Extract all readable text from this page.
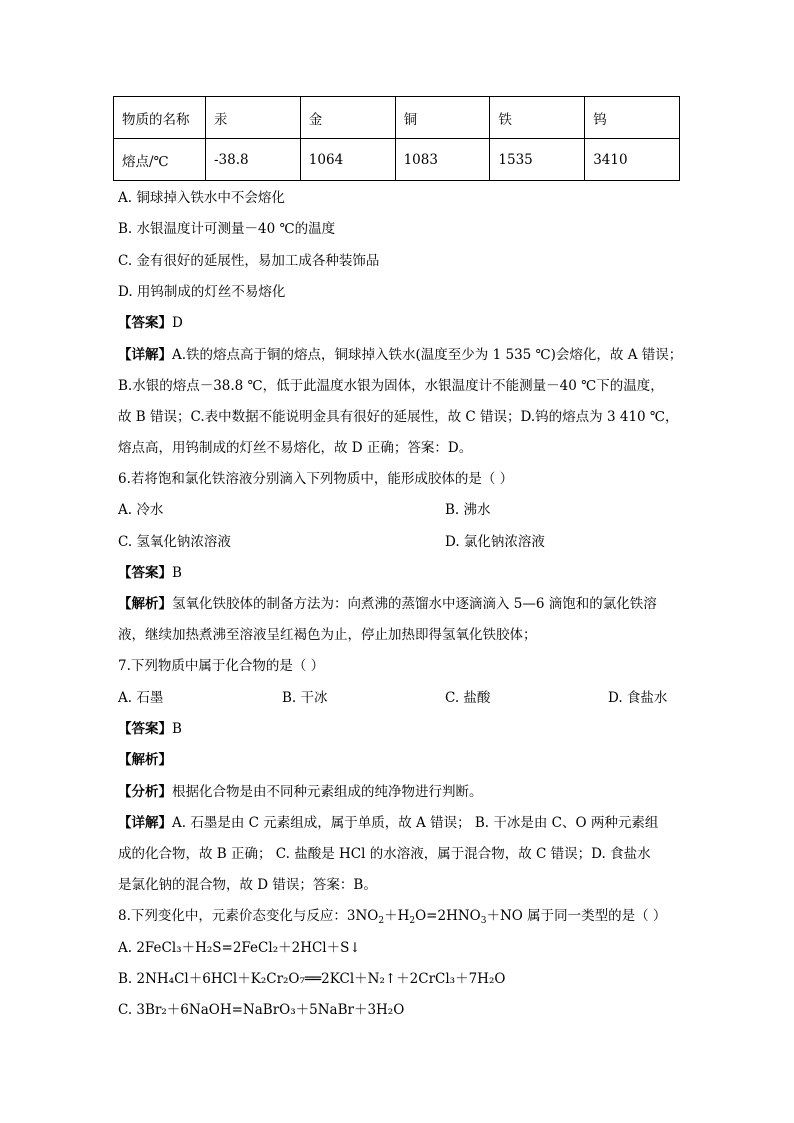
物质的名称	汞	金	铜	铁	钨
熔点/℃	-38.8	1064	1083	1535	3410
A. 铜球掉入铁水中不会熔化
B. 水银温度计可测量－40 ℃的温度
C. 金有很好的延展性，易加工成各种装饰品
D. 用钨制成的灯丝不易熔化
【答案】D
【详解】A.铁的熔点高于铜的熔点，铜球掉入铁水(温度至少为 1 535 ℃)会熔化，故 A 错误；
B.水银的熔点－38.8 ℃，低于此温度水银为固体，水银温度计不能测量－40 ℃下的温度，
故 B 错误；C.表中数据不能说明金具有很好的延展性，故 C 错误；D.钨的熔点为 3 410 ℃，
熔点高，用钨制成的灯丝不易熔化，故 D 正确；答案：D。
6.若将饱和氯化铁溶液分别滴入下列物质中，能形成胶体的是（ ）
A. 冷水	B. 沸水
C. 氢氧化钠浓溶液	D. 氯化钠浓溶液
【答案】B
【解析】氢氧化铁胶体的制备方法为：向煮沸的蒸馏水中逐滴滴入 5—6 滴饱和的氯化铁溶
液，继续加热煮沸至溶液呈红褐色为止，停止加热即得氢氧化铁胶体；
7.下列物质中属于化合物的是（ ）
A. 石墨	B. 干冰	C. 盐酸	D. 食盐水
【答案】B
【解析】
【分析】根据化合物是由不同种元素组成的纯净物进行判断。
【详解】A. 石墨是由 C 元素组成，属于单质，故 A 错误； B. 干冰是由 C、O 两种元素组
成的化合物，故 B 正确； C. 盐酸是 HCl 的水溶液，属于混合物，故 C 错误；D. 食盐水
是氯化钠的混合物，故 D 错误；答案：B。
8.下列变化中，元素价态变化与反应：$3NO_2+H_2O=2HNO_3+NO$ 属于同一类型的是（ ）
A. 2FeCl₃＋H₂S=2FeCl₂＋2HCl＋S↓
B. 2NH₄Cl＋6HCl＋K₂Cr₂O₇══2KCl＋N₂↑＋2CrCl₃＋7H₂O
C. 3Br₂＋6NaOH=NaBrO₃＋5NaBr＋3H₂O
